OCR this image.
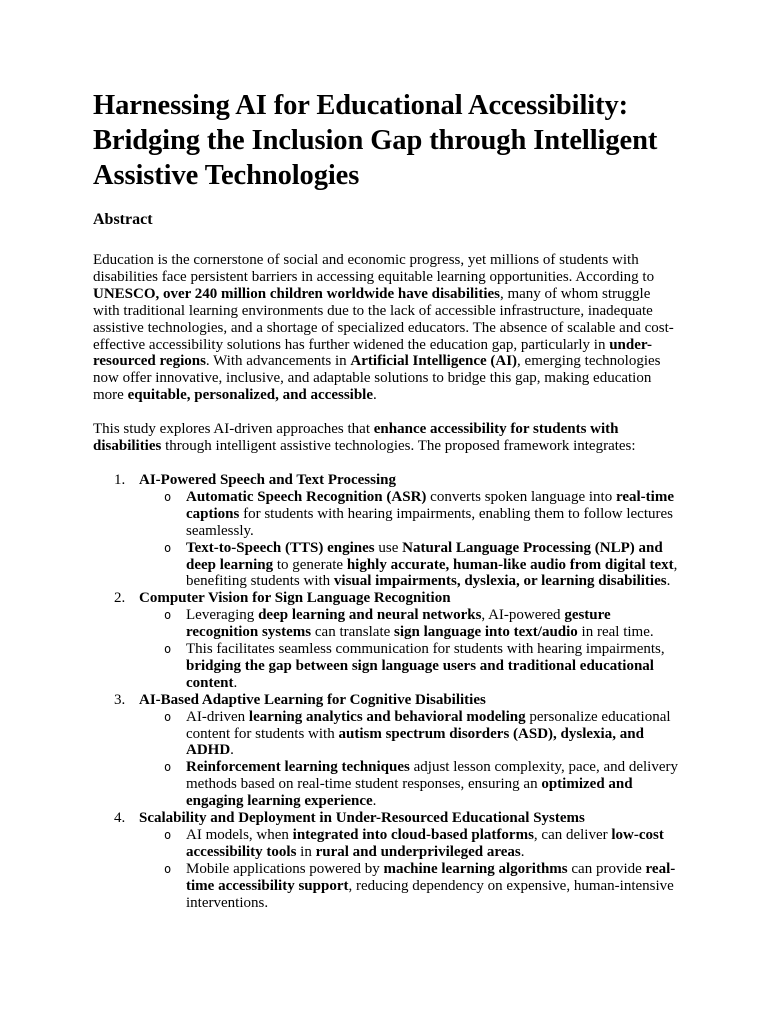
Harnessing AI for Educational Accessibility: Bridging the Inclusion Gap through Intelligent Assistive Technologies
Abstract

Education is the cornerstone of social and economic progress, yet millions of students with disabilities face persistent barriers in accessing equitable learning opportunities. According to UNESCO, over 240 million children worldwide have disabilities, many of whom struggle with traditional learning environments due to the lack of accessible infrastructure, inadequate assistive technologies, and a shortage of specialized educators. The absence of scalable and cost-effective accessibility solutions has further widened the education gap, particularly in under-resourced regions. With advancements in Artificial Intelligence (AI), emerging technologies now offer innovative, inclusive, and adaptable solutions to bridge this gap, making education more equitable, personalized, and accessible.

This study explores AI-driven approaches that enhance accessibility for students with disabilities through intelligent assistive technologies. The proposed framework integrates:

1. AI-Powered Speech and Text Processing
o Automatic Speech Recognition (ASR) converts spoken language into real-time captions for students with hearing impairments, enabling them to follow lectures seamlessly.
o Text-to-Speech (TTS) engines use Natural Language Processing (NLP) and deep learning to generate highly accurate, human-like audio from digital text, benefiting students with visual impairments, dyslexia, or learning disabilities.
2. Computer Vision for Sign Language Recognition
o Leveraging deep learning and neural networks, AI-powered gesture recognition systems can translate sign language into text/audio in real time.
o This facilitates seamless communication for students with hearing impairments, bridging the gap between sign language users and traditional educational content.
3. AI-Based Adaptive Learning for Cognitive Disabilities
o AI-driven learning analytics and behavioral modeling personalize educational content for students with autism spectrum disorders (ASD), dyslexia, and ADHD.
o Reinforcement learning techniques adjust lesson complexity, pace, and delivery methods based on real-time student responses, ensuring an optimized and engaging learning experience.
4. Scalability and Deployment in Under-Resourced Educational Systems
o AI models, when integrated into cloud-based platforms, can deliver low-cost accessibility tools in rural and underprivileged areas.
o Mobile applications powered by machine learning algorithms can provide real-time accessibility support, reducing dependency on expensive, human-intensive interventions.
